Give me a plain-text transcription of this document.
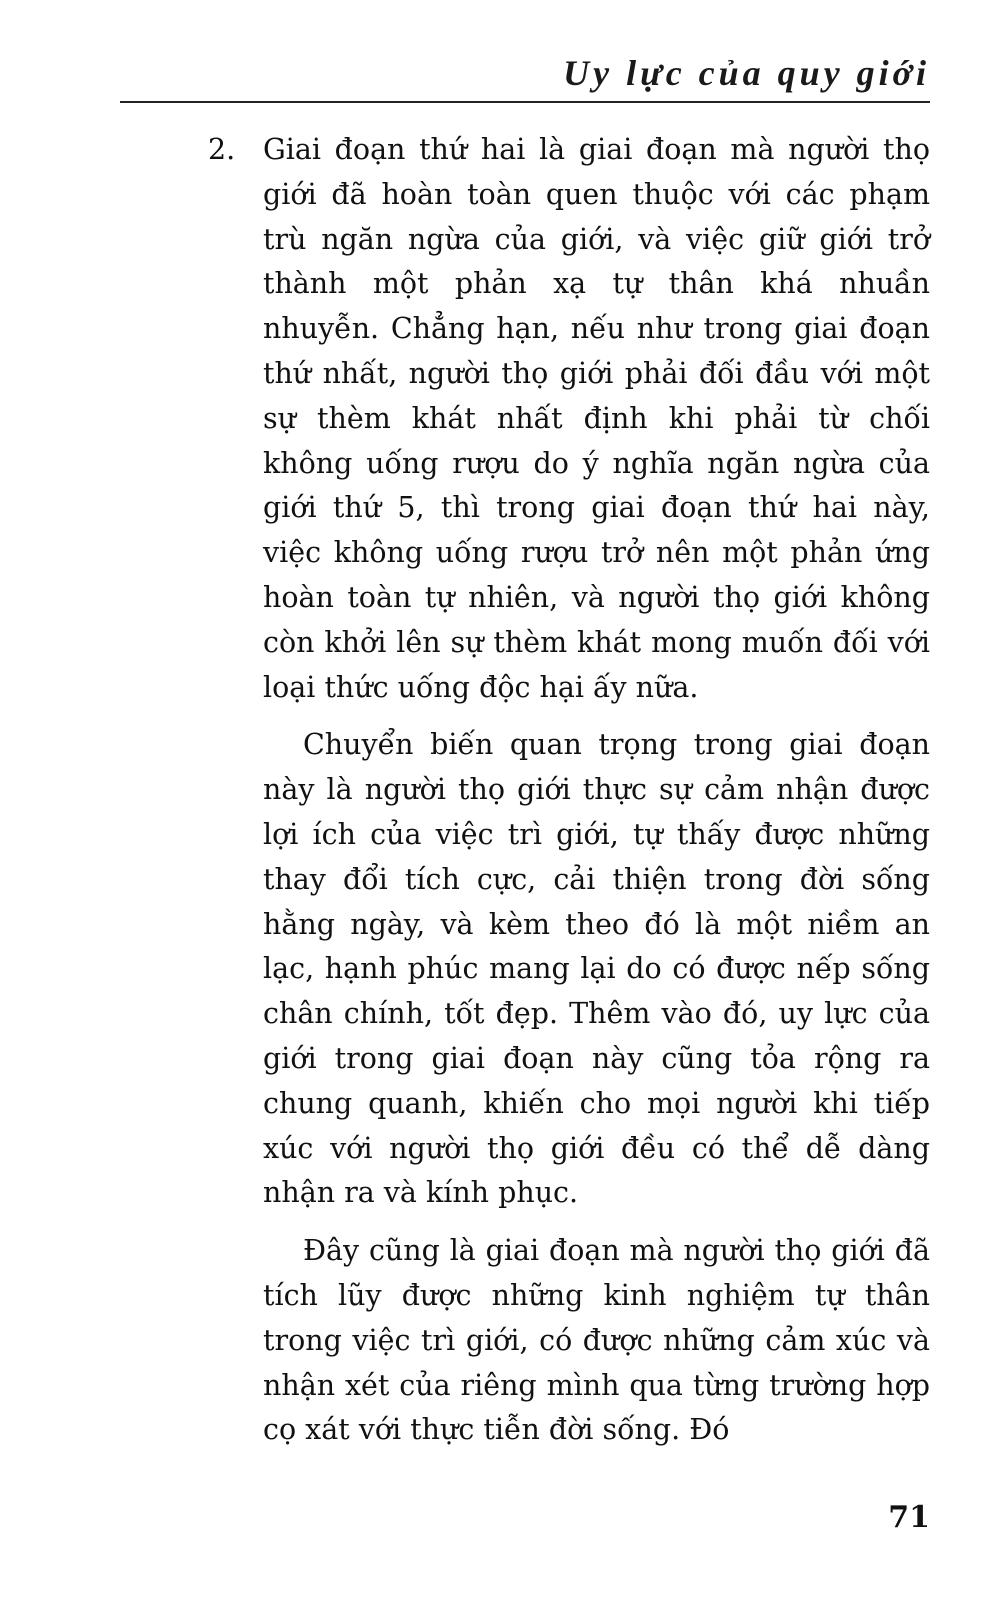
Uy lực của quy giới
2. Giai đoạn thứ hai là giai đoạn mà người thọ giới đã hoàn toàn quen thuộc với các phạm trù ngăn ngừa của giới, và việc giữ giới trở thành một phản xạ tự thân khá nhuần nhuyễn. Chẳng hạn, nếu như trong giai đoạn thứ nhất, người thọ giới phải đối đầu với một sự thèm khát nhất định khi phải từ chối không uống rượu do ý nghĩa ngăn ngừa của giới thứ 5, thì trong giai đoạn thứ hai này, việc không uống rượu trở nên một phản ứng hoàn toàn tự nhiên, và người thọ giới không còn khởi lên sự thèm khát mong muốn đối với loại thức uống độc hại ấy nữa.

Chuyển biến quan trọng trong giai đoạn này là người thọ giới thực sự cảm nhận được lợi ích của việc trì giới, tự thấy được những thay đổi tích cực, cải thiện trong đời sống hằng ngày, và kèm theo đó là một niềm an lạc, hạnh phúc mang lại do có được nếp sống chân chính, tốt đẹp. Thêm vào đó, uy lực của giới trong giai đoạn này cũng tỏa rộng ra chung quanh, khiến cho mọi người khi tiếp xúc với người thọ giới đều có thể dễ dàng nhận ra và kính phục.

Đây cũng là giai đoạn mà người thọ giới đã tích lũy được những kinh nghiệm tự thân trong việc trì giới, có được những cảm xúc và nhận xét của riêng mình qua từng trường hợp cọ xát với thực tiễn đời sống. Đó

71
